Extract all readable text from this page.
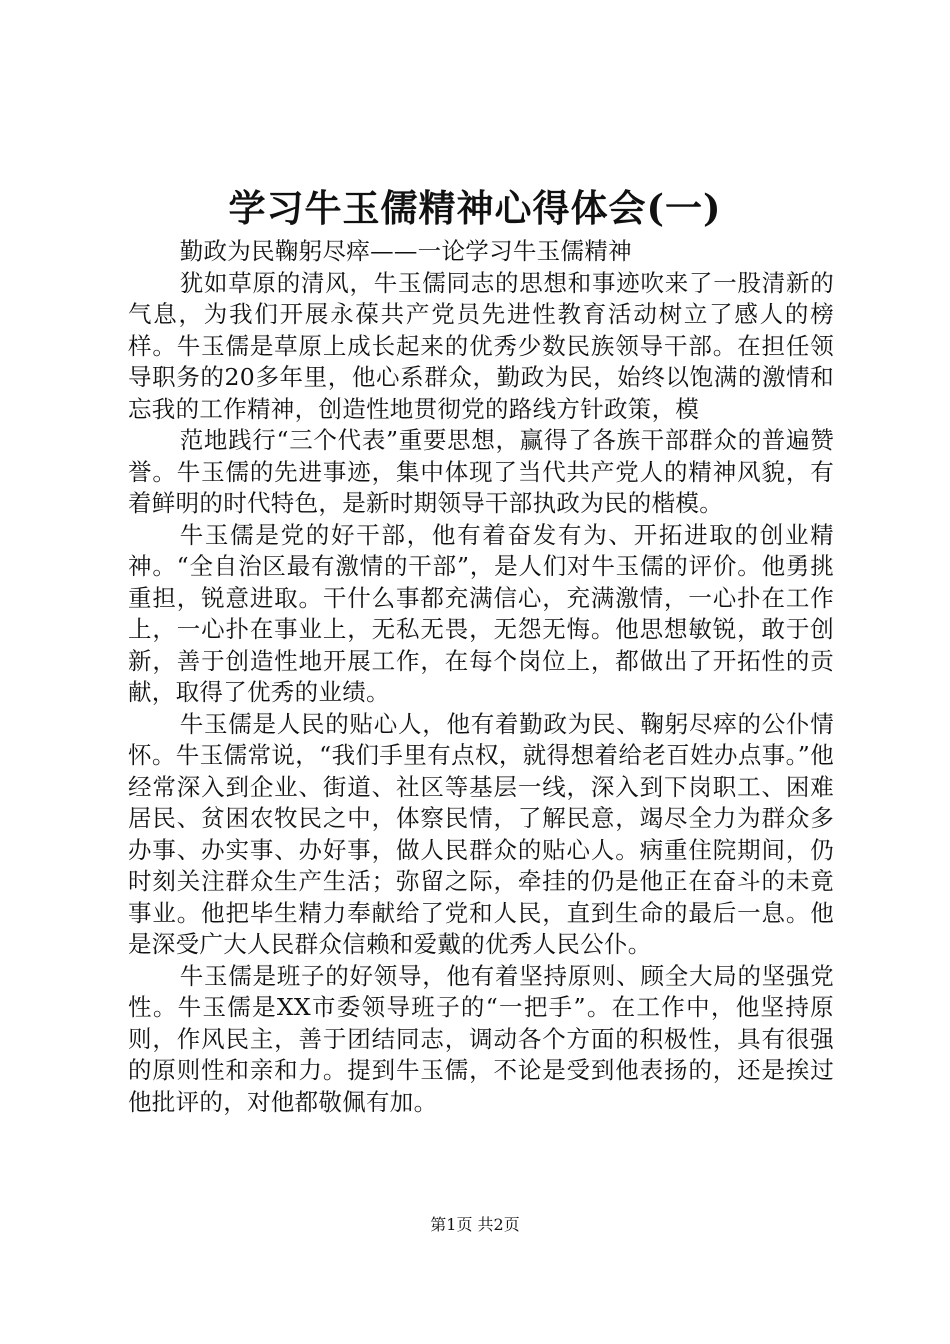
学习牛玉儒精神心得体会(一)

勤政为民鞠躬尽瘁——一论学习牛玉儒精神

犹如草原的清风，牛玉儒同志的思想和事迹吹来了一股清新的气息，为我们开展永葆共产党员先进性教育活动树立了感人的榜样。牛玉儒是草原上成长起来的优秀少数民族领导干部。在担任领导职务的20多年里，他心系群众，勤政为民，始终以饱满的激情和忘我的工作精神，创造性地贯彻党的路线方针政策，模

范地践行“三个代表”重要思想，赢得了各族干部群众的普遍赞誉。牛玉儒的先进事迹，集中体现了当代共产党人的精神风貌，有着鲜明的时代特色，是新时期领导干部执政为民的楷模。

牛玉儒是党的好干部，他有着奋发有为、开拓进取的创业精神。“全自治区最有激情的干部”，是人们对牛玉儒的评价。他勇挑重担，锐意进取。干什么事都充满信心，充满激情，一心扑在工作上，一心扑在事业上，无私无畏，无怨无悔。他思想敏锐，敢于创新，善于创造性地开展工作，在每个岗位上，都做出了开拓性的贡献，取得了优秀的业绩。

牛玉儒是人民的贴心人，他有着勤政为民、鞠躬尽瘁的公仆情怀。牛玉儒常说，“我们手里有点权，就得想着给老百姓办点事。”他经常深入到企业、街道、社区等基层一线，深入到下岗职工、困难居民、贫困农牧民之中，体察民情，了解民意，竭尽全力为群众多办事、办实事、办好事，做人民群众的贴心人。病重住院期间，仍时刻关注群众生产生活；弥留之际，牵挂的仍是他正在奋斗的未竟事业。他把毕生精力奉献给了党和人民，直到生命的最后一息。他是深受广大人民群众信赖和爱戴的优秀人民公仆。

牛玉儒是班子的好领导，他有着坚持原则、顾全大局的坚强党性。牛玉儒是XX市委领导班子的“一把手”。在工作中，他坚持原则，作风民主，善于团结同志，调动各个方面的积极性，具有很强的原则性和亲和力。提到牛玉儒，不论是受到他表扬的，还是挨过他批评的，对他都敬佩有加。

第1页 共2页
